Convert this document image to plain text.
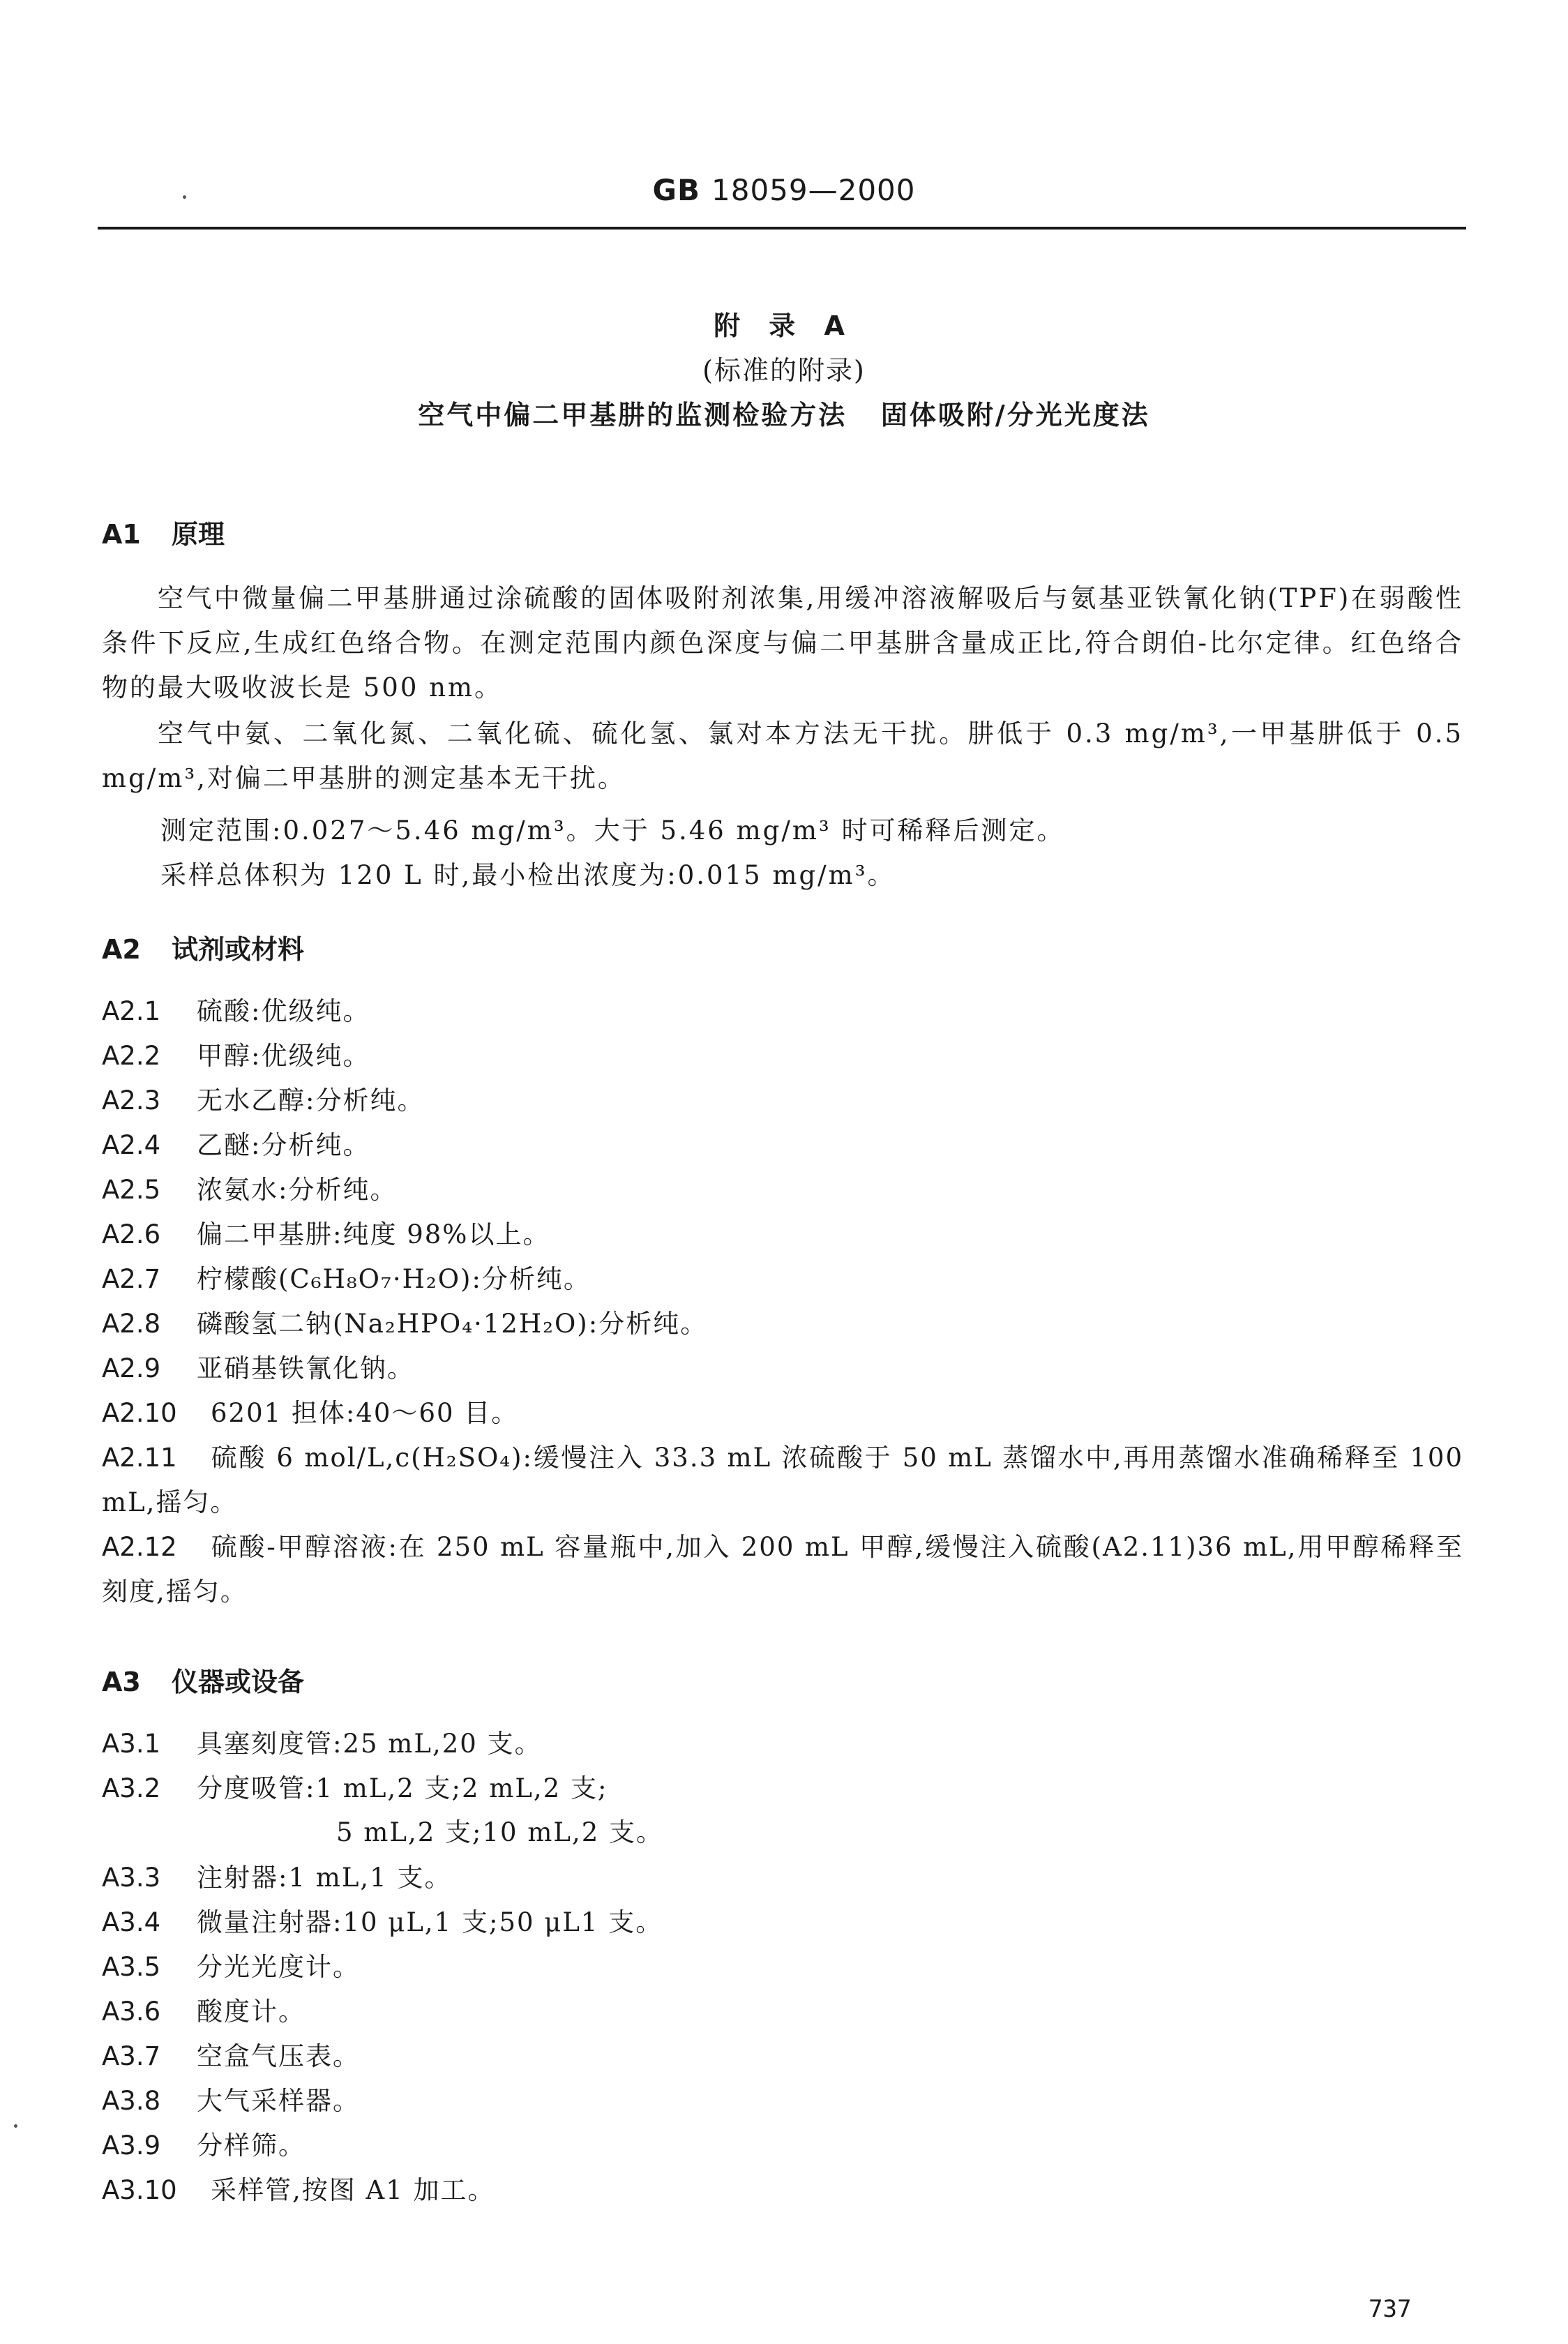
GB 18059—2000
附 录 A
(标准的附录)
空气中偏二甲基肼的监测检验方法   固体吸附/分光光度法
A1 原理
空气中微量偏二甲基肼通过涂硫酸的固体吸附剂浓集,用缓冲溶液解吸后与氨基亚铁氰化钠(TPF)在弱酸性条件下反应,生成红色络合物。在测定范围内颜色深度与偏二甲基肼含量成正比,符合朗伯-比尔定律。红色络合物的最大吸收波长是 500 nm。
空气中氨、二氧化氮、二氧化硫、硫化氢、氯对本方法无干扰。肼低于 0.3 mg/m³,一甲基肼低于 0.5 mg/m³,对偏二甲基肼的测定基本无干扰。
测定范围:0.027～5.46 mg/m³。大于 5.46 mg/m³ 时可稀释后测定。
采样总体积为 120 L 时,最小检出浓度为:0.015 mg/m³。
A2 试剂或材料
A2.1 硫酸:优级纯。
A2.2 甲醇:优级纯。
A2.3 无水乙醇:分析纯。
A2.4 乙醚:分析纯。
A2.5 浓氨水:分析纯。
A2.6 偏二甲基肼:纯度 98%以上。
A2.7 柠檬酸(C₆H₈O₇·H₂O):分析纯。
A2.8 磷酸氢二钠(Na₂HPO₄·12H₂O):分析纯。
A2.9 亚硝基铁氰化钠。
A2.10 6201 担体:40～60 目。
A2.11 硫酸 6 mol/L,c(H₂SO₄):缓慢注入 33.3 mL 浓硫酸于 50 mL 蒸馏水中,再用蒸馏水准确稀释至 100 mL,摇匀。
A2.12 硫酸-甲醇溶液:在 250 mL 容量瓶中,加入 200 mL 甲醇,缓慢注入硫酸(A2.11)36 mL,用甲醇稀释至刻度,摇匀。
A3 仪器或设备
A3.1 具塞刻度管:25 mL,20 支。
A3.2 分度吸管:1 mL,2 支;2 mL,2 支;
5 mL,2 支;10 mL,2 支。
A3.3 注射器:1 mL,1 支。
A3.4 微量注射器:10 μL,1 支;50 μL1 支。
A3.5 分光光度计。
A3.6 酸度计。
A3.7 空盒气压表。
A3.8 大气采样器。
A3.9 分样筛。
A3.10 采样管,按图 A1 加工。
737
